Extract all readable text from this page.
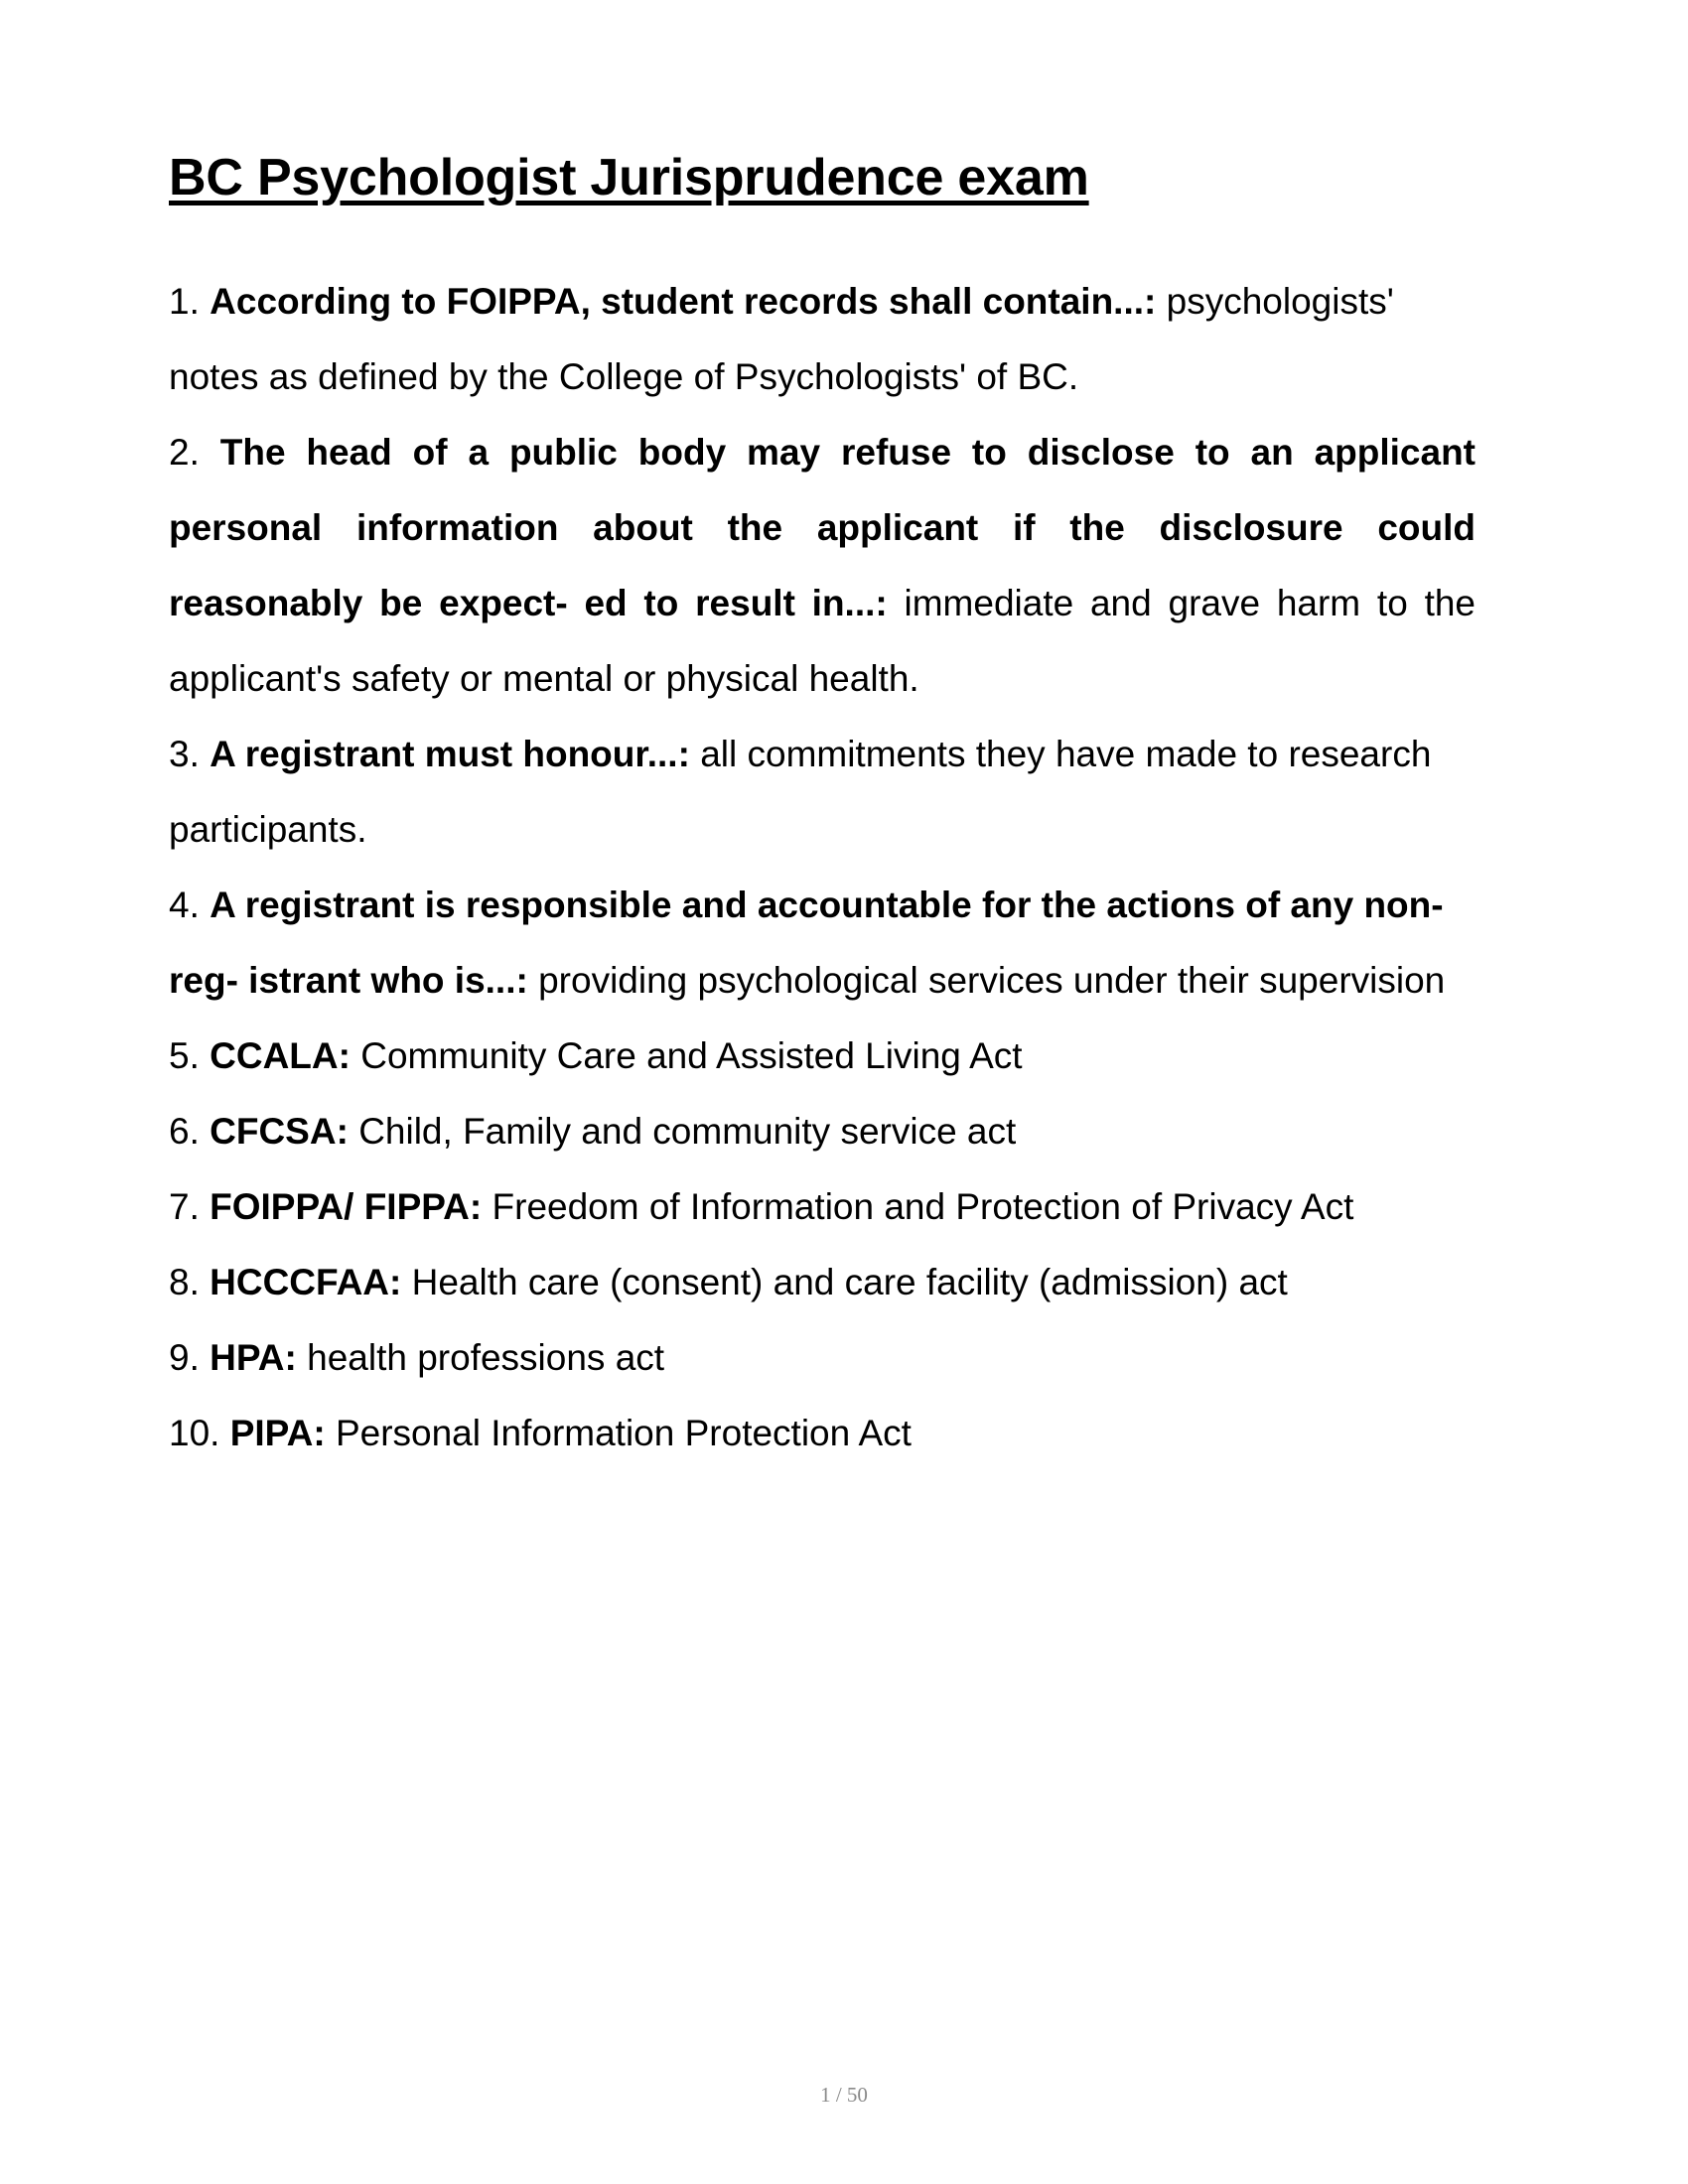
BC Psychologist Jurisprudence exam

1. According to FOIPPA, student records shall contain...: psychologists' notes as defined by the College of Psychologists' of BC.

2. The head of a public body may refuse to disclose to an applicant personal information about the applicant if the disclosure could reasonably be expect- ed to result in...: immediate and grave harm to the applicant's safety or mental or physical health.

3. A registrant must honour...: all commitments they have made to research participants.

4. A registrant is responsible and accountable for the actions of any non-reg- istrant who is...: providing psychological services under their supervision

5. CCALA: Community Care and Assisted Living Act

6. CFCSA: Child, Family and community service act

7. FOIPPA/ FIPPA: Freedom of Information and Protection of Privacy Act

8. HCCCFAA: Health care (consent) and care facility (admission) act

9. HPA: health professions act

10. PIPA: Personal Information Protection Act

1 / 50
